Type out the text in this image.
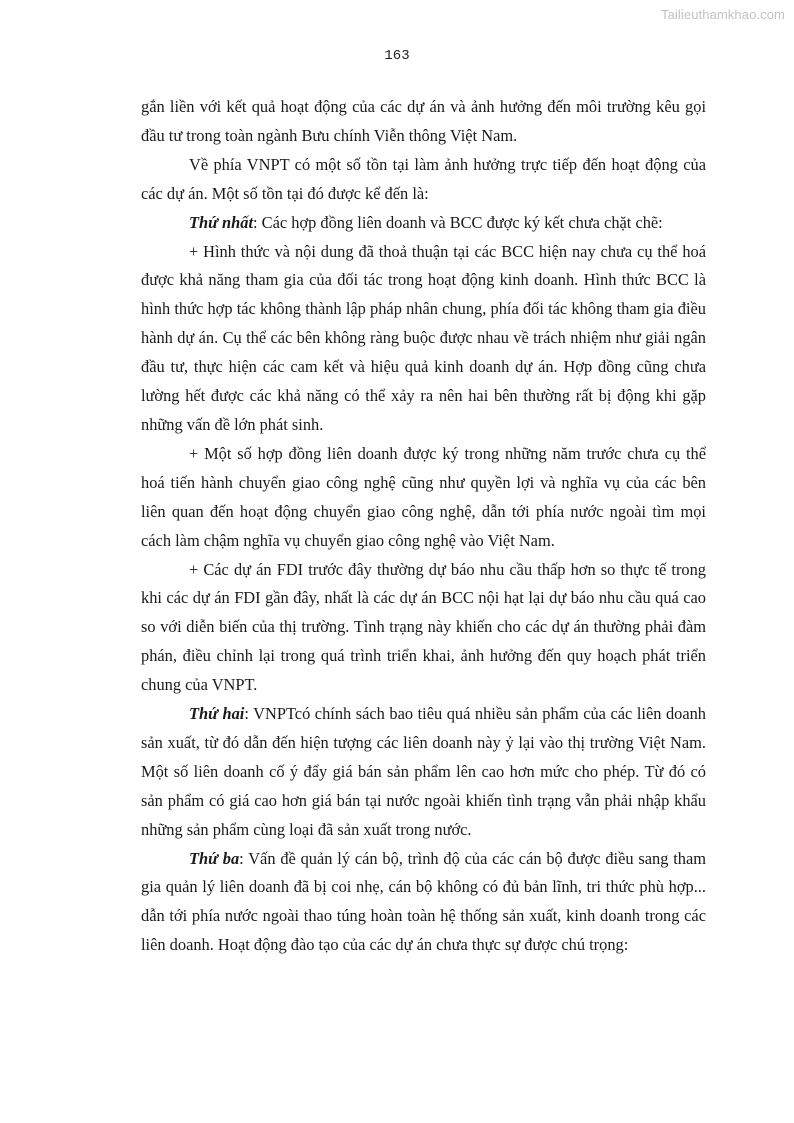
Tailieuthamkhao.com
163

gắn liền với kết quả hoạt động của các dự án và ảnh hưởng đến môi trường kêu gọi đầu tư trong toàn ngành Bưu chính Viễn thông Việt Nam.

Về phía VNPT có một số tồn tại làm ảnh hưởng trực tiếp đến hoạt động của các dự án. Một số tồn tại đó được kể đến là:

Thứ nhất: Các hợp đồng liên doanh và BCC được ký kết chưa chặt chẽ:

+ Hình thức và nội dung đã thoả thuận tại các BCC hiện nay chưa cụ thể hoá được khả năng tham gia của đối tác trong hoạt động kinh doanh. Hình thức BCC là hình thức hợp tác không thành lập pháp nhân chung, phía đối tác không tham gia điều hành dự án. Cụ thể các bên không ràng buộc được nhau về trách nhiệm như giải ngân đầu tư, thực hiện các cam kết và hiệu quả kinh doanh dự án. Hợp đồng cũng chưa lường hết được các khả năng có thể xảy ra nên hai bên thường rất bị động khi gặp những vấn đề lớn phát sinh.

+ Một số hợp đồng liên doanh được ký trong những năm trước chưa cụ thể hoá tiến hành chuyển giao công nghệ cũng như quyền lợi và nghĩa vụ của các bên liên quan đến hoạt động chuyển giao công nghệ, dẫn tới phía nước ngoài tìm mọi cách làm chậm nghĩa vụ chuyển giao công nghệ vào Việt Nam.

+ Các dự án FDI trước đây thường dự báo nhu cầu thấp hơn so thực tế trong khi các dự án FDI gần đây, nhất là các dự án BCC nội hạt lại dự báo nhu cầu quá cao so với diễn biến của thị trường. Tình trạng này khiến cho các dự án thường phải đàm phán, điều chỉnh lại trong quá trình triển khai, ảnh hưởng đến quy hoạch phát triển chung của VNPT.

Thứ hai: VNPTcó chính sách bao tiêu quá nhiều sản phẩm của các liên doanh sản xuất, từ đó dẫn đến hiện tượng các liên doanh này ỷ lại vào thị trường Việt Nam. Một số liên doanh cố ý đẩy giá bán sản phẩm lên cao hơn mức cho phép. Từ đó có sản phẩm có giá cao hơn giá bán tại nước ngoài khiến tình trạng vẫn phải nhập khẩu những sản phẩm cùng loại đã sản xuất trong nước.

Thứ ba: Vấn đề quản lý cán bộ, trình độ của các cán bộ được điều sang tham gia quản lý liên doanh đã bị coi nhẹ, cán bộ không có đủ bản lĩnh, tri thức phù hợp... dẫn tới phía nước ngoài thao túng hoàn toàn hệ thống sản xuất, kinh doanh trong các liên doanh. Hoạt động đào tạo của các dự án chưa thực sự được chú trọng:
